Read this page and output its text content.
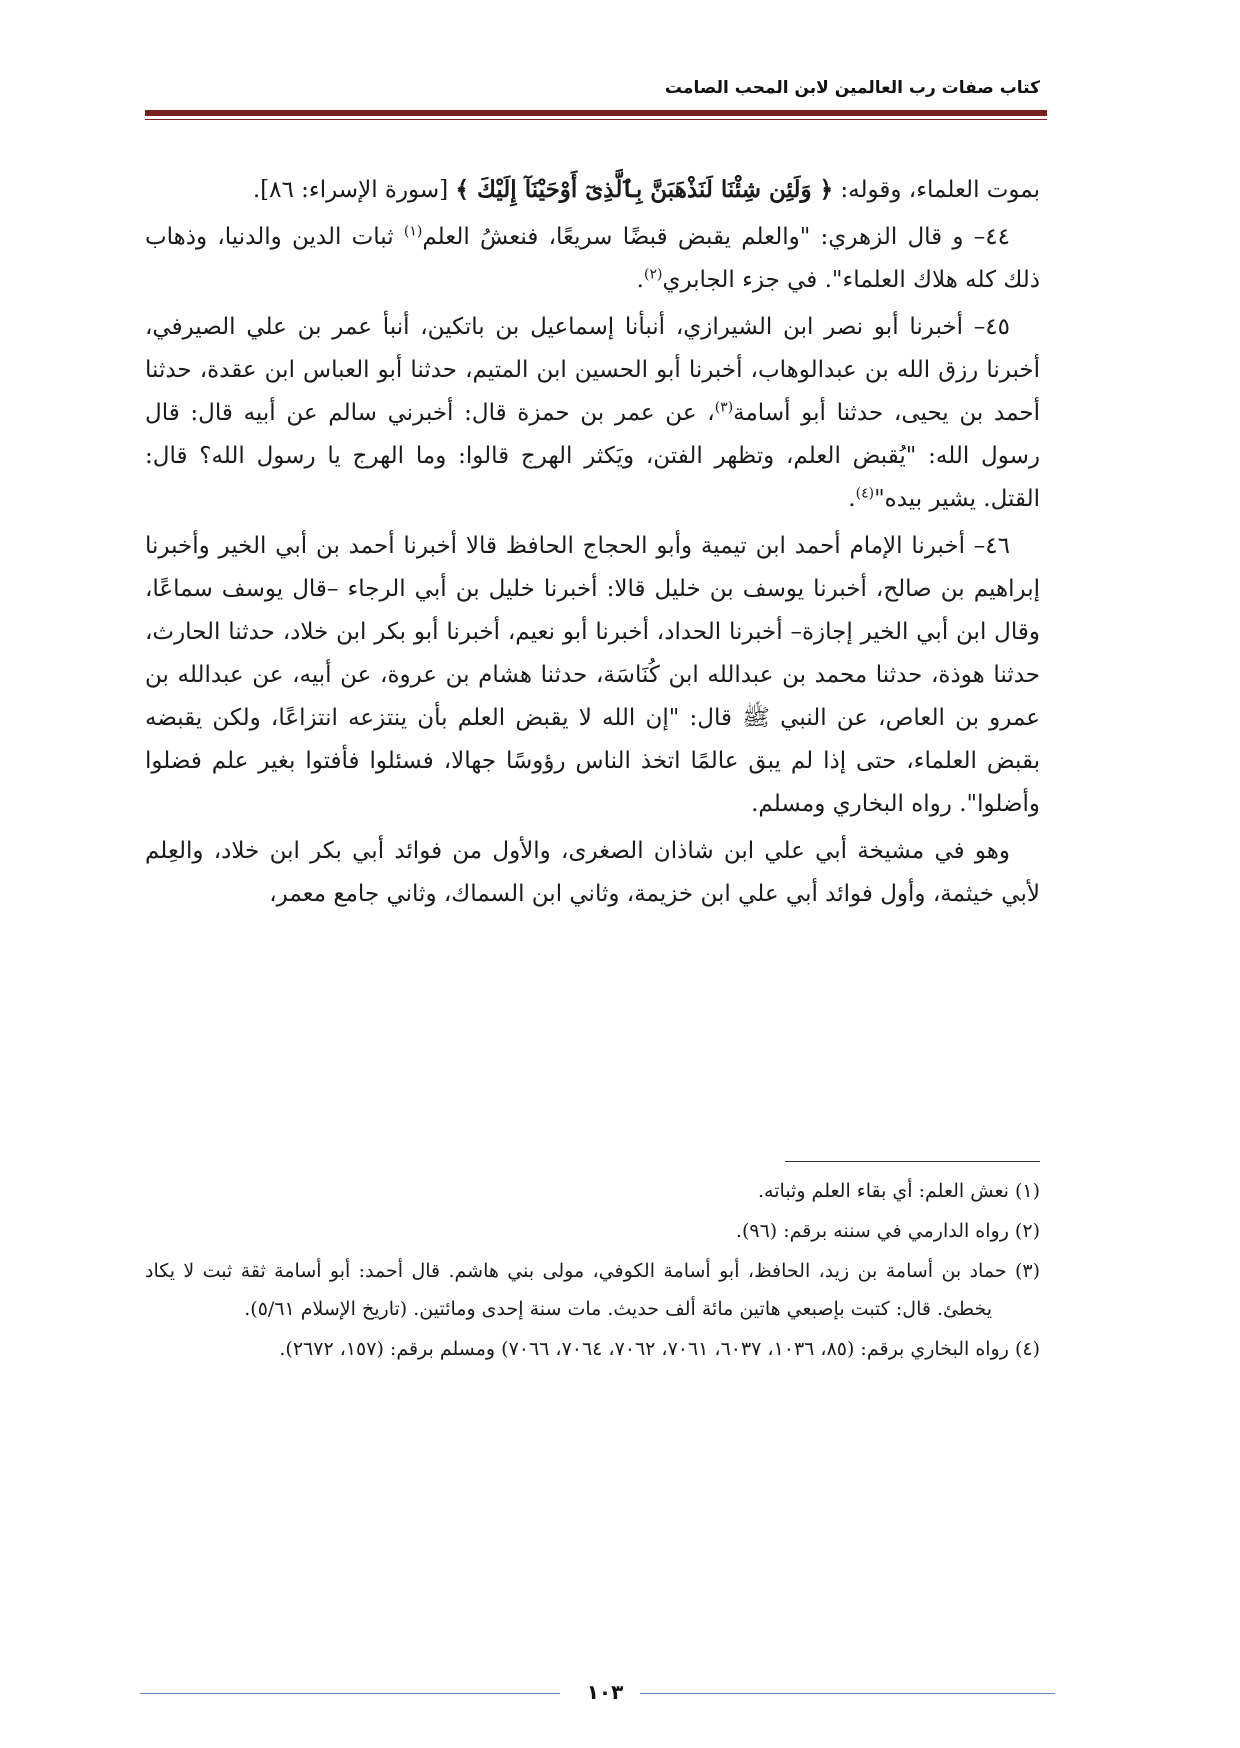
كتاب صفات رب العالمين لابن المحب الصامت

بموت العلماء، وقوله: ﴿ وَلَئِن شِئْنَا لَنَذْهَبَنَّ بِٱلَّذِىٓ أَوْحَيْنَآ إِلَيْكَ ﴾ [سورة الإسراء: ٨٦].

٤٤– و قال الزهري: "والعلم يقبض قبضًا سريعًا، فنعشُ العلم$^{(١)}$ ثبات الدين والدنيا، وذهاب ذلك كله هلاك العلماء". في جزء الجابري$^{(٢)}$.

٤٥– أخبرنا أبو نصر ابن الشيرازي، أنبأنا إسماعيل بن باتكين، أنبأ عمر بن علي الصيرفي، أخبرنا رزق الله بن عبدالوهاب، أخبرنا أبو الحسين ابن المتيم، حدثنا أبو العباس ابن عقدة، حدثنا أحمد بن يحيى، حدثنا أبو أسامة$^{(٣)}$، عن عمر بن حمزة قال: أخبرني سالم عن أبيه قال: قال رسول الله: "يُقبض العلم، وتظهر الفتن، ويَكثر الهرج قالوا: وما الهرج يا رسول الله؟ قال: القتل. يشير بيده"$^{(٤)}$.

٤٦– أخبرنا الإمام أحمد ابن تيمية وأبو الحجاج الحافظ قالا أخبرنا أحمد بن أبي الخير وأخبرنا إبراهيم بن صالح، أخبرنا يوسف بن خليل قالا: أخبرنا خليل بن أبي الرجاء –قال يوسف سماعًا، وقال ابن أبي الخير إجازة– أخبرنا الحداد، أخبرنا أبو نعيم، أخبرنا أبو بكر ابن خلاد، حدثنا الحارث، حدثنا هوذة، حدثنا محمد بن عبدالله ابن كُنَاسَة، حدثنا هشام بن عروة، عن أبيه، عن عبدالله بن عمرو بن العاص، عن النبي ﷺ قال: "إن الله لا يقبض العلم بأن ينتزعه انتزاعًا، ولكن يقبضه بقبض العلماء، حتى إذا لم يبق عالمًا اتخذ الناس رؤوسًا جهالا، فسئلوا فأفتوا بغير علم فضلوا وأضلوا". رواه البخاري ومسلم.

وهو في مشيخة أبي علي ابن شاذان الصغرى، والأول من فوائد أبي بكر ابن خلاد، والعِلم لأبي خيثمة، وأول فوائد أبي علي ابن خزيمة، وثاني ابن السماك، وثاني جامع معمر،

(١) نعش العلم: أي بقاء العلم وثباته.

(٢) رواه الدارمي في سننه برقم: (٩٦).

(٣) حماد بن أسامة بن زيد، الحافظ، أبو أسامة الكوفي، مولى بني هاشم. قال أحمد: أبو أسامة ثقة ثبت لا يكاد يخطئ. قال: كتبت بإصبعي هاتين مائة ألف حديث. مات سنة إحدى ومائتين. (تاريخ الإسلام ٥/٦١).

(٤) رواه البخاري برقم: (٨٥، ١٠٣٦، ٦٠٣٧، ٧٠٦١، ٧٠٦٢، ٧٠٦٤، ٧٠٦٦) ومسلم برقم: (١٥٧، ٢٦٧٢).

١٠٣
